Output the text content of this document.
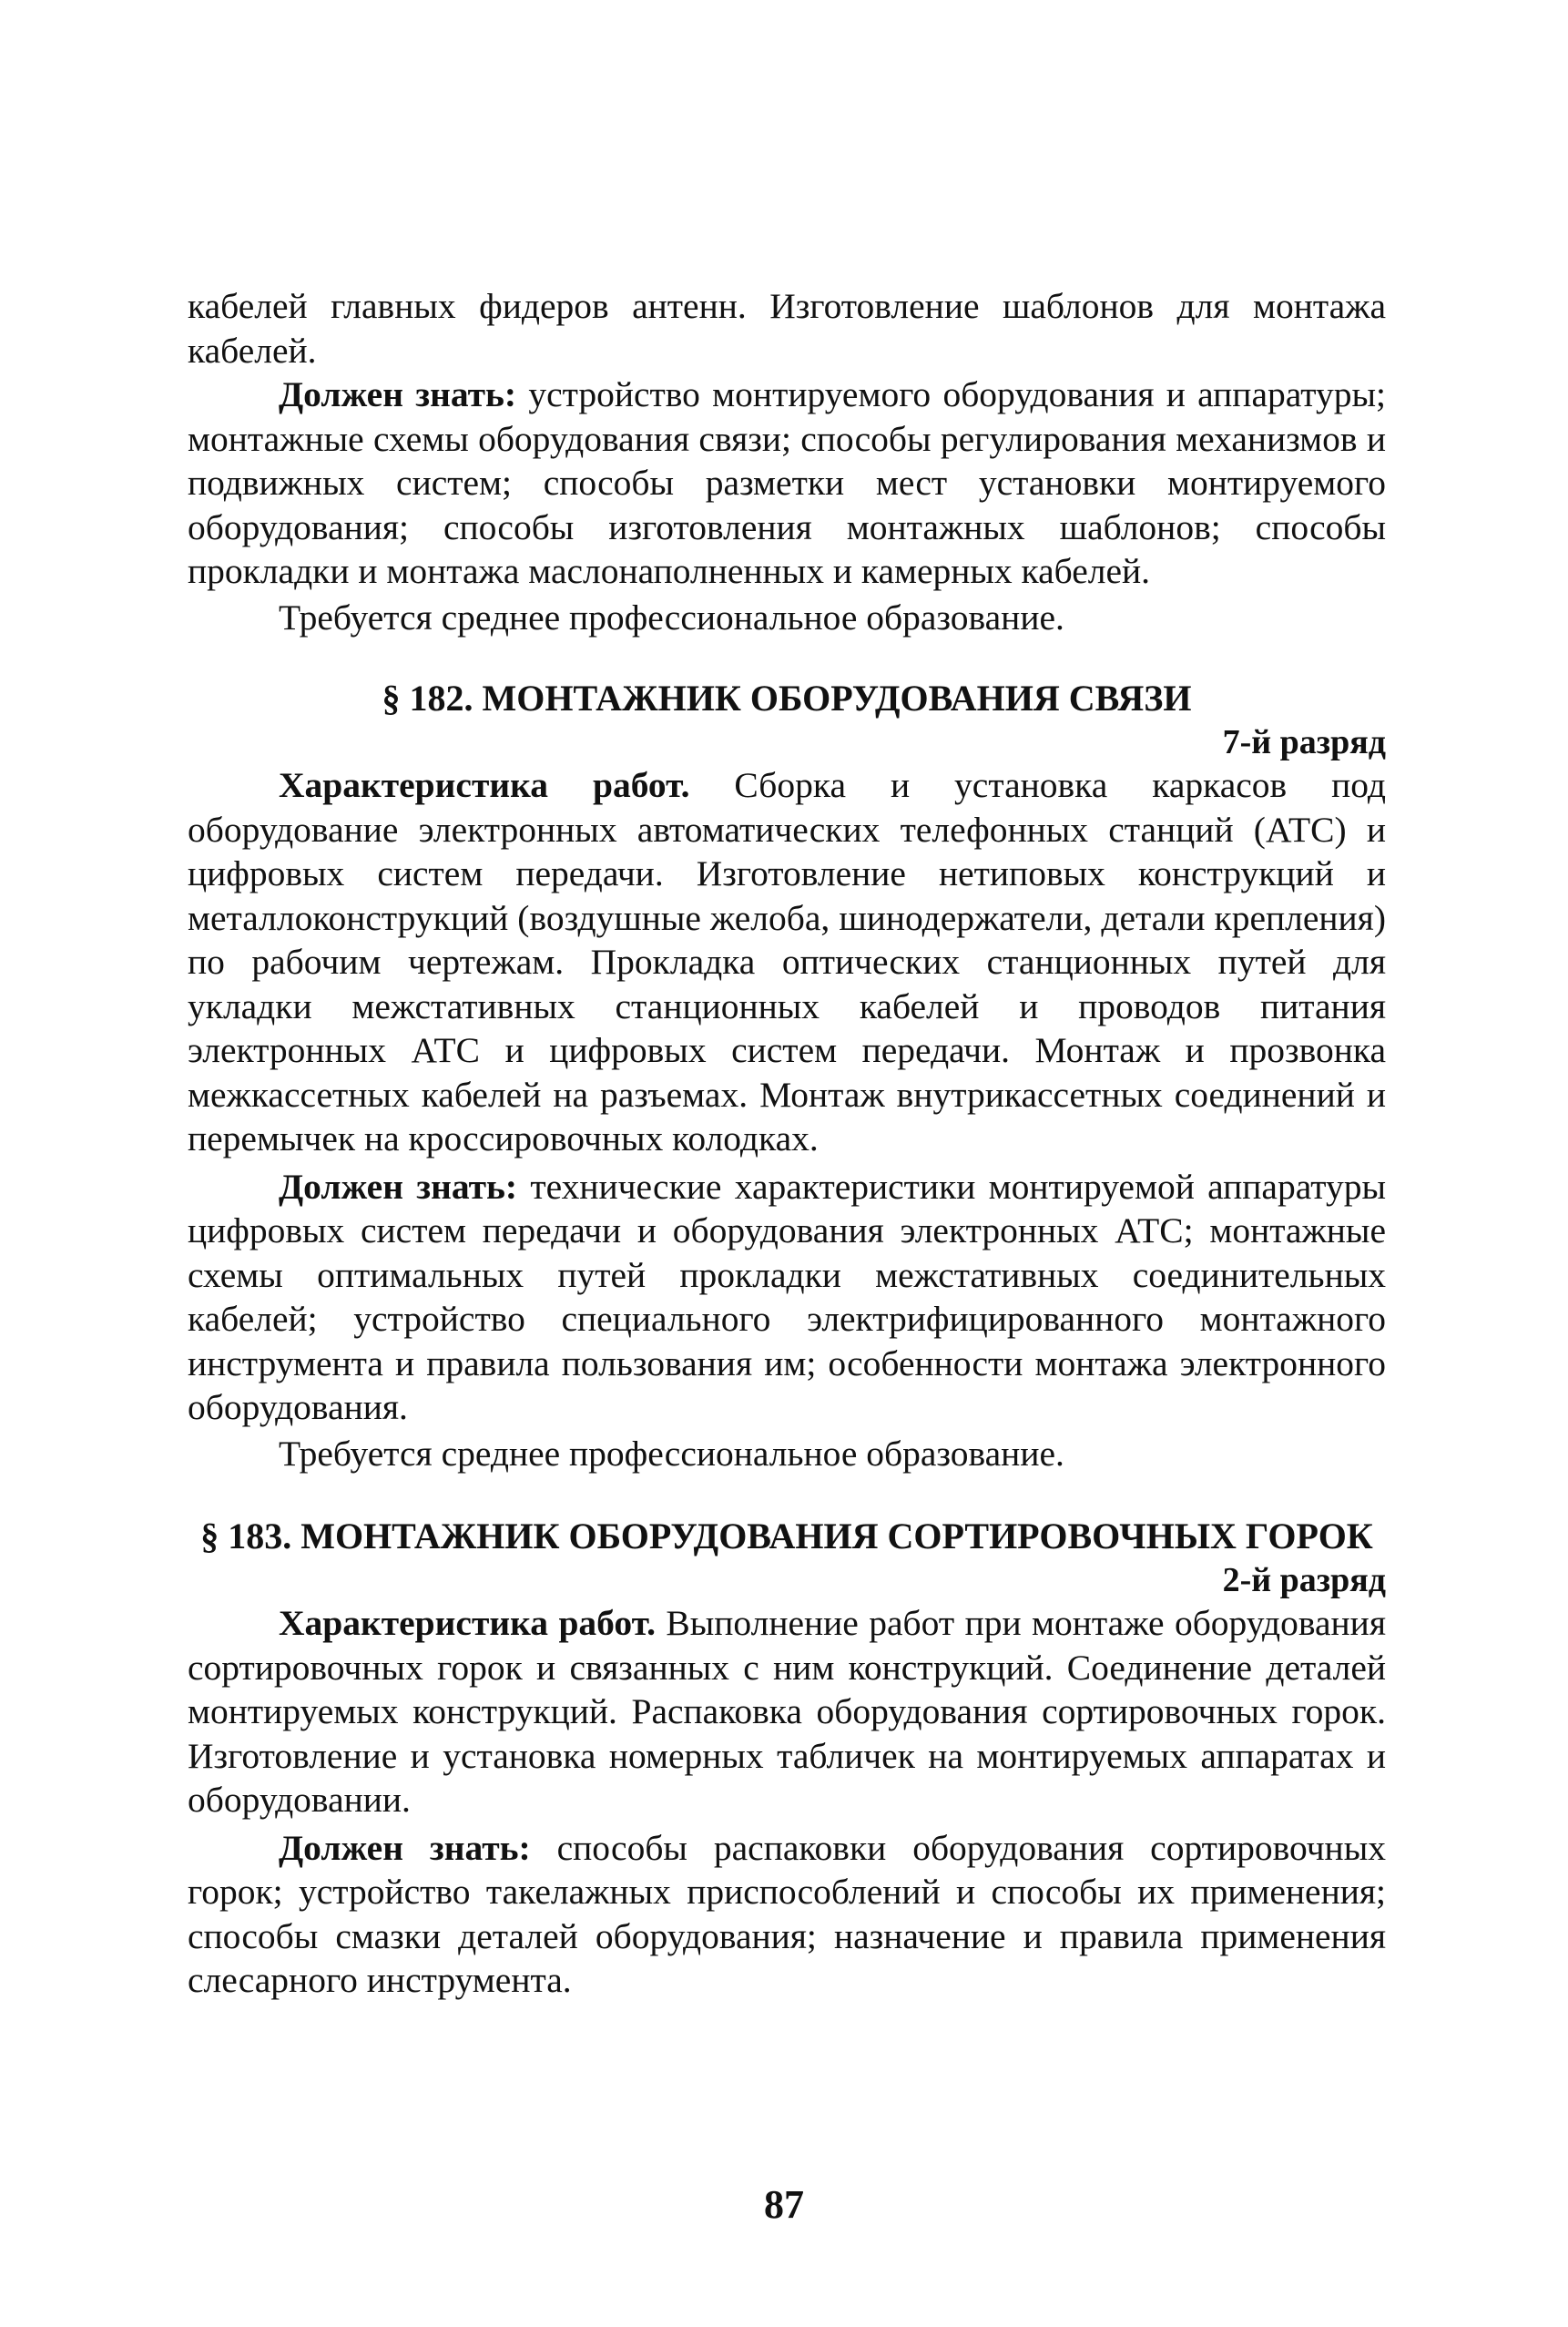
кабелей главных фидеров антенн. Изготовление шаблонов для монтажа кабелей.

Должен знать: устройство монтируемого оборудования и аппаратуры; монтажные схемы оборудования связи; способы регулирования механизмов и подвижных систем; способы разметки мест установки монтируемого оборудования; способы изготовления монтажных шаблонов; способы прокладки и монтажа маслонаполненных и камерных кабелей.

Требуется среднее профессиональное образование.

§ 182. МОНТАЖНИК ОБОРУДОВАНИЯ СВЯЗИ
7-й разряд

Характеристика работ. Сборка и установка каркасов под оборудование электронных автоматических телефонных станций (АТС) и цифровых систем передачи. Изготовление нетиповых конструкций и металлоконструкций (воздушные желоба, шинодержатели, детали крепления) по рабочим чертежам. Прокладка оптических станционных путей для укладки межстативных станционных кабелей и проводов питания электронных АТС и цифровых систем передачи. Монтаж и прозвонка межкассетных кабелей на разъемах. Монтаж внутрикассетных соединений и перемычек на кроссировочных колодках.

Должен знать: технические характеристики монтируемой аппаратуры цифровых систем передачи и оборудования электронных АТС; монтажные схемы оптимальных путей прокладки межстативных соединительных кабелей; устройство специального электрифицированного монтажного инструмента и правила пользования им; особенности монтажа электронного оборудования.

Требуется среднее профессиональное образование.

§ 183. МОНТАЖНИК ОБОРУДОВАНИЯ СОРТИРОВОЧНЫХ ГОРОК
2-й разряд

Характеристика работ. Выполнение работ при монтаже оборудования сортировочных горок и связанных с ним конструкций. Соединение деталей монтируемых конструкций. Распаковка оборудования сортировочных горок. Изготовление и установка номерных табличек на монтируемых аппаратах и оборудовании.

Должен знать: способы распаковки оборудования сортировочных горок; устройство такелажных приспособлений и способы их применения; способы смазки деталей оборудования; назначение и правила применения слесарного инструмента.

87
